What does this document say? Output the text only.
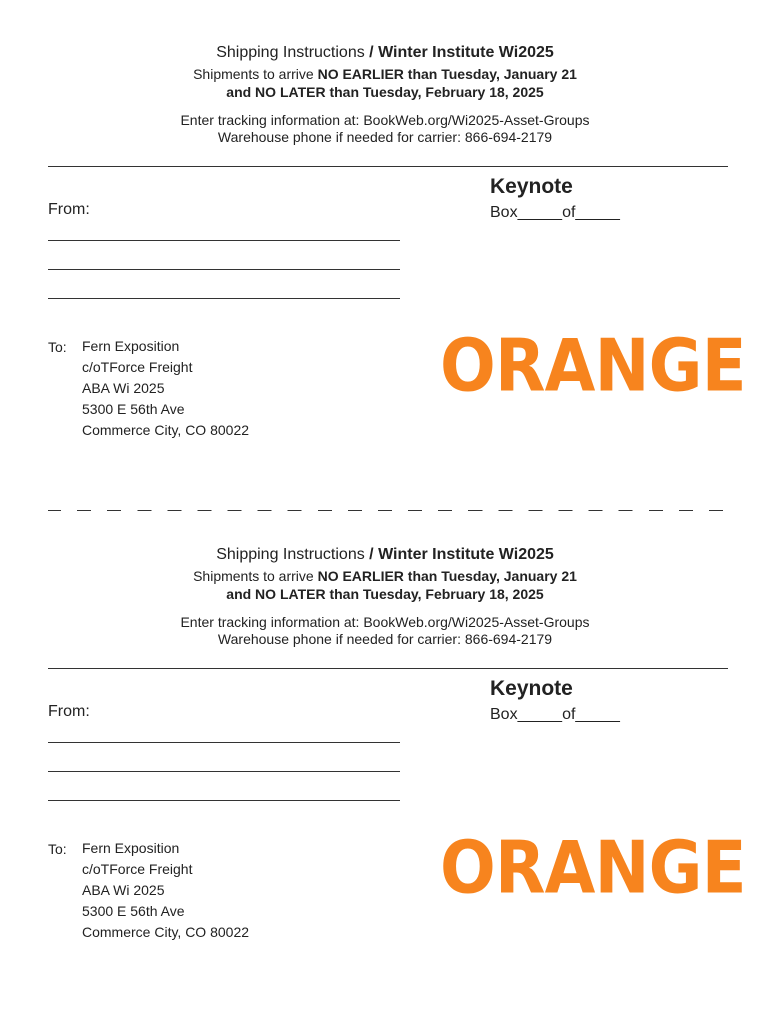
Shipping Instructions / Winter Institute Wi2025
Shipments to arrive NO EARLIER than Tuesday, January 21
and NO LATER than Tuesday, February 18, 2025
Enter tracking information at: BookWeb.org/Wi2025-Asset-Groups
Warehouse phone if needed for carrier: 866-694-2179
Keynote
Box_____of_____
From:
To: Fern Exposition
c/oTForce Freight
ABA Wi 2025
5300 E 56th Ave
Commerce City, CO 80022
ORANGE
Shipping Instructions / Winter Institute Wi2025
Shipments to arrive NO EARLIER than Tuesday, January 21
and NO LATER than Tuesday, February 18, 2025
Enter tracking information at: BookWeb.org/Wi2025-Asset-Groups
Warehouse phone if needed for carrier: 866-694-2179
Keynote
Box_____of_____
From:
To: Fern Exposition
c/oTForce Freight
ABA Wi 2025
5300 E 56th Ave
Commerce City, CO 80022
ORANGE
